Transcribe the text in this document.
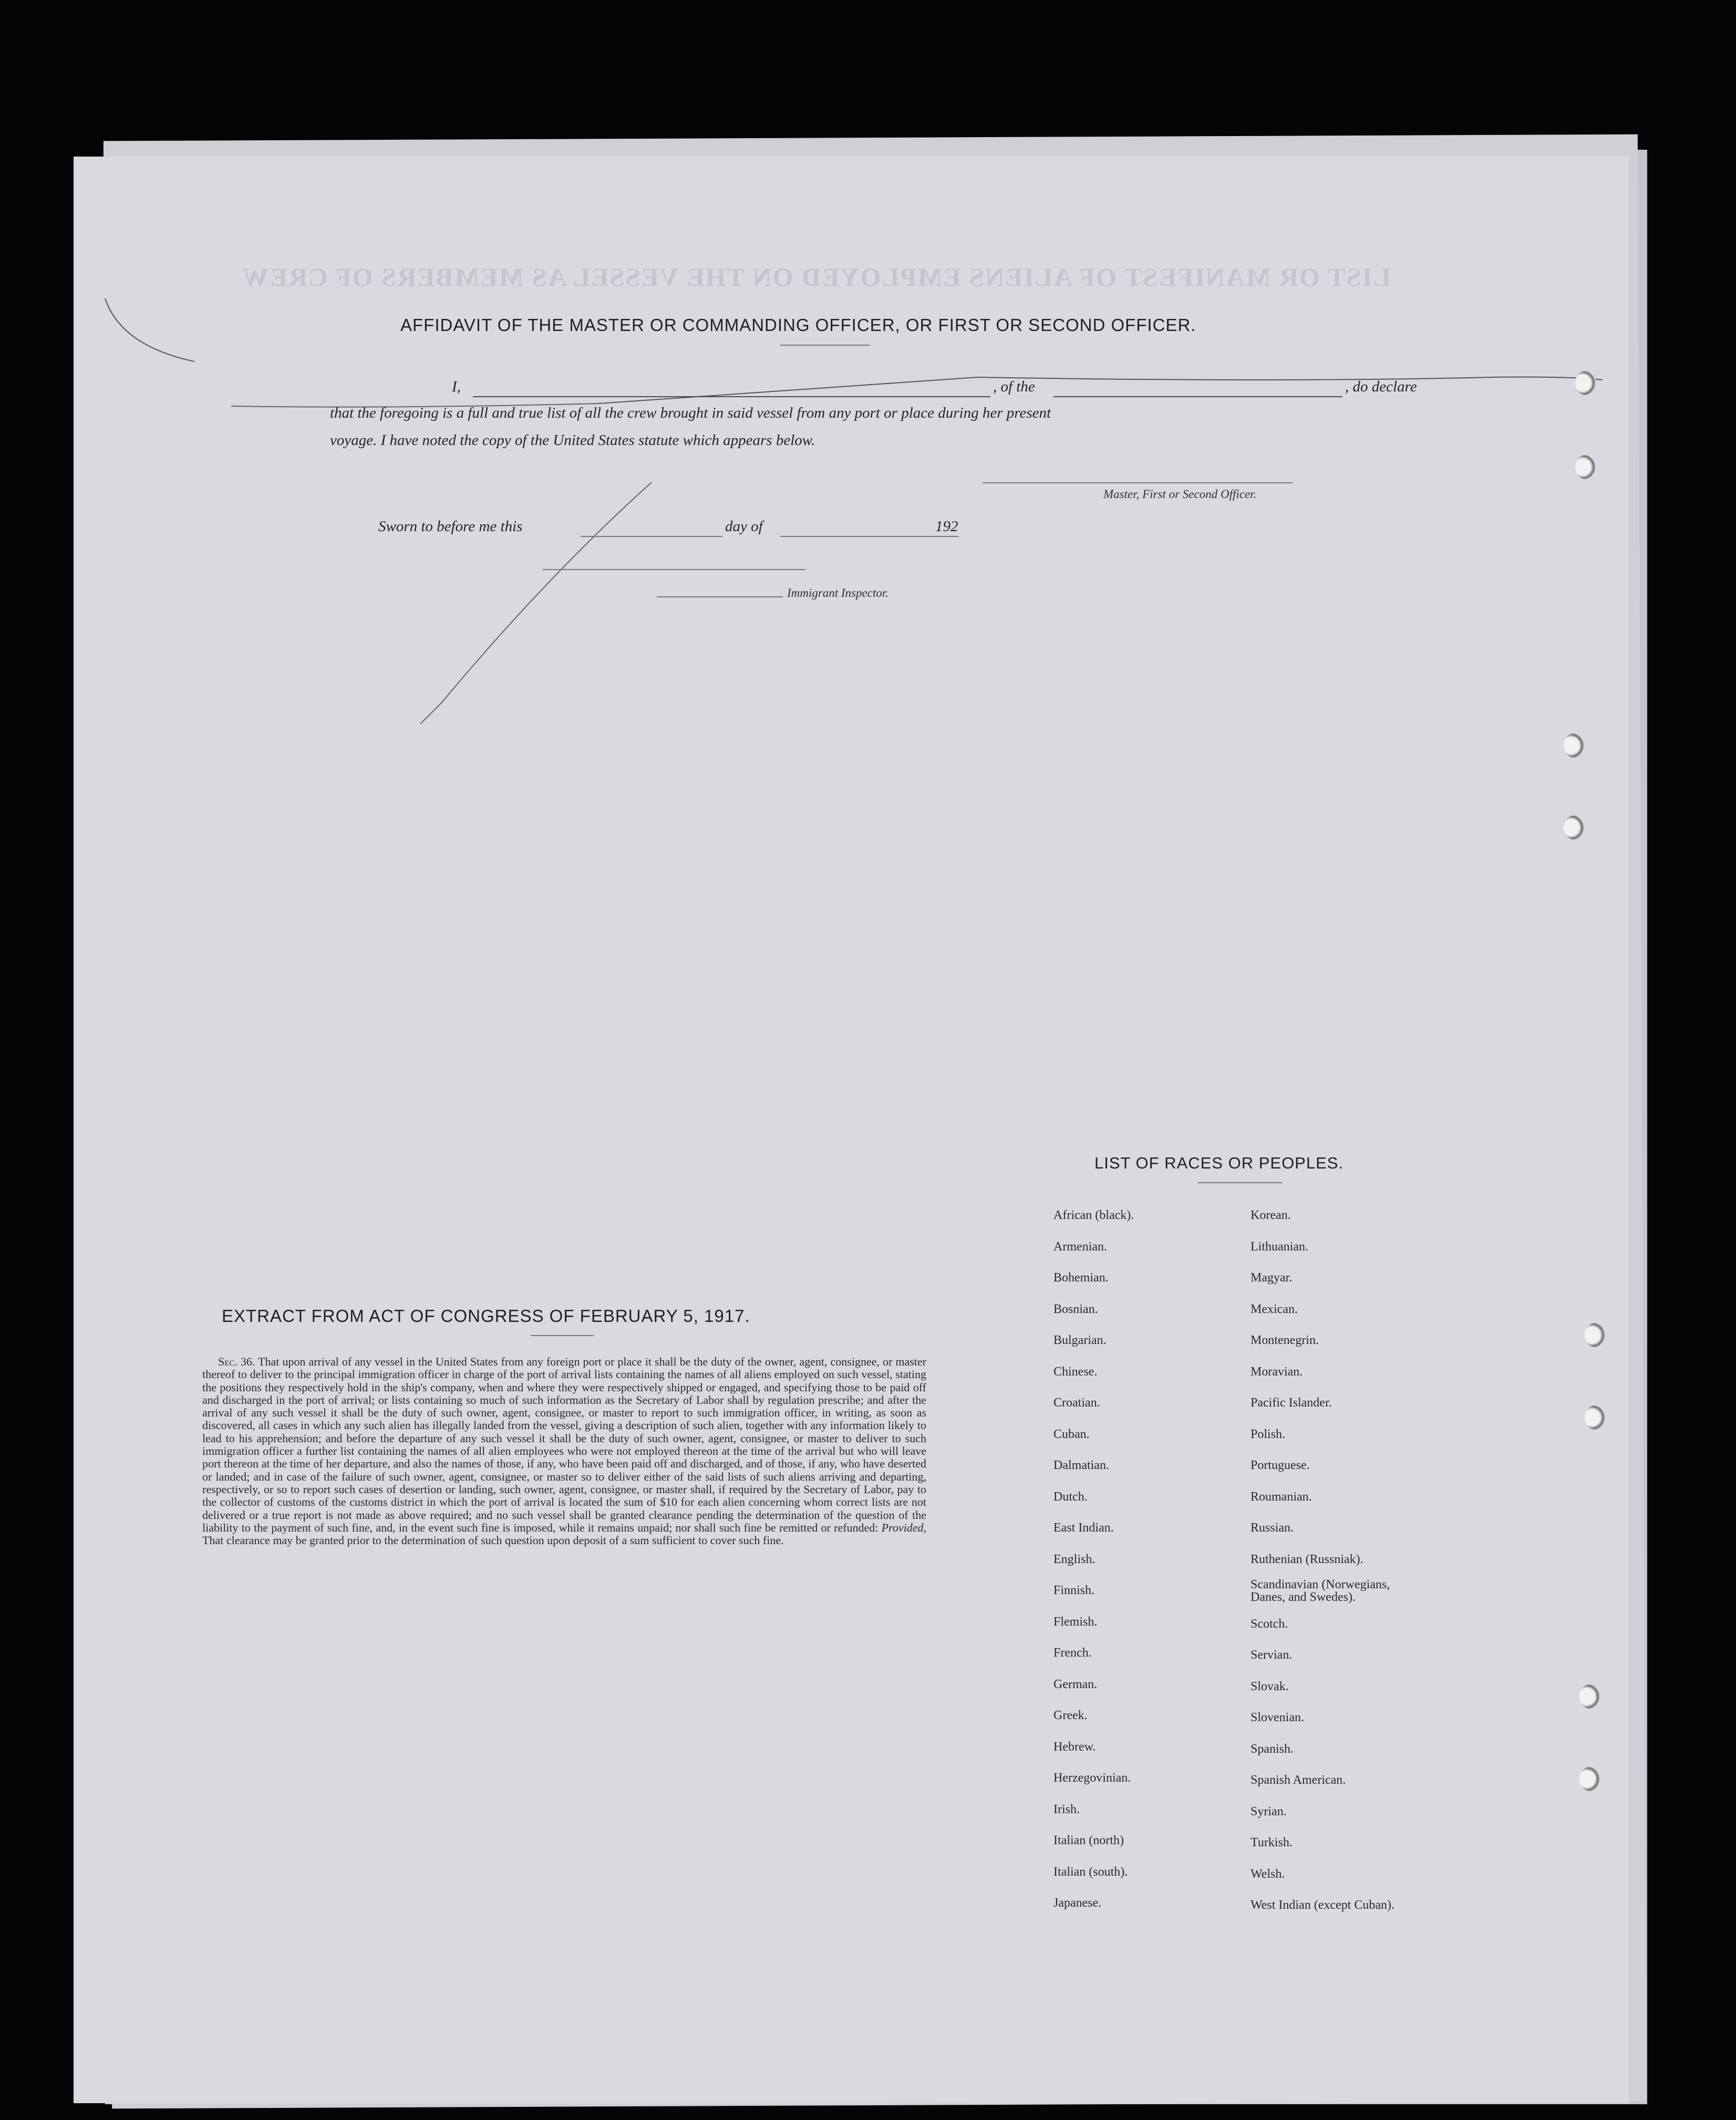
LIST OR MANIFEST OF ALIENS EMPLOYED ON THE VESSEL AS MEMBERS OF CREW
AFFIDAVIT OF THE MASTER OR COMMANDING OFFICER, OR FIRST OR SECOND OFFICER.
I,	, of the	, do declare
that the foregoing is a full and true list of all the crew brought in said vessel from any port or place during her present
voyage. I have noted the copy of the United States statute which appears below.
Master, First or Second Officer.
Sworn to before me this	day of	192
Immigrant Inspector.
EXTRACT FROM ACT OF CONGRESS OF FEBRUARY 5, 1917.
Sec. 36. That upon arrival of any vessel in the United States from any foreign port or place it shall be the duty of the owner, agent, consignee, or master thereof to deliver to the principal immigration officer in charge of the port of arrival lists containing the names of all aliens employed on such vessel, stating the positions they respectively hold in the ship's company, when and where they were respectively shipped or engaged, and specifying those to be paid off and discharged in the port of arrival; or lists containing so much of such information as the Secretary of Labor shall by regulation prescribe; and after the arrival of any such vessel it shall be the duty of such owner, agent, consignee, or master to report to such immigration officer, in writing, as soon as discovered, all cases in which any such alien has illegally landed from the vessel, giving a description of such alien, together with any information likely to lead to his apprehension; and before the departure of any such vessel it shall be the duty of such owner, agent, consignee, or master to deliver to such immigration officer a further list containing the names of all alien employees who were not employed thereon at the time of the arrival but who will leave port thereon at the time of her departure, and also the names of those, if any, who have been paid off and discharged, and of those, if any, who have deserted or landed; and in case of the failure of such owner, agent, consignee, or master so to deliver either of the said lists of such aliens arriving and departing, respectively, or so to report such cases of desertion or landing, such owner, agent, consignee, or master shall, if required by the Secretary of Labor, pay to the collector of customs of the customs district in which the port of arrival is located the sum of $10 for each alien concerning whom correct lists are not delivered or a true report is not made as above required; and no such vessel shall be granted clearance pending the determination of the question of the liability to the payment of such fine, and, in the event such fine is imposed, while it remains unpaid; nor shall such fine be remitted or refunded: Provided, That clearance may be granted prior to the determination of such question upon deposit of a sum sufficient to cover such fine.
LIST OF RACES OR PEOPLES.
African (black).
Armenian.
Bohemian.
Bosnian.
Bulgarian.
Chinese.
Croatian.
Cuban.
Dalmatian.
Dutch.
East Indian.
English.
Finnish.
Flemish.
French.
German.
Greek.
Hebrew.
Herzegovinian.
Irish.
Italian (north)
Italian (south).
Japanese.
Korean.
Lithuanian.
Magyar.
Mexican.
Montenegrin.
Moravian.
Pacific Islander.
Polish.
Portuguese.
Roumanian.
Russian.
Ruthenian (Russniak).
Scandinavian (Norwegians, Danes, and Swedes).
Scotch.
Servian.
Slovak.
Slovenian.
Spanish.
Spanish American.
Syrian.
Turkish.
Welsh.
West Indian (except Cuban).
